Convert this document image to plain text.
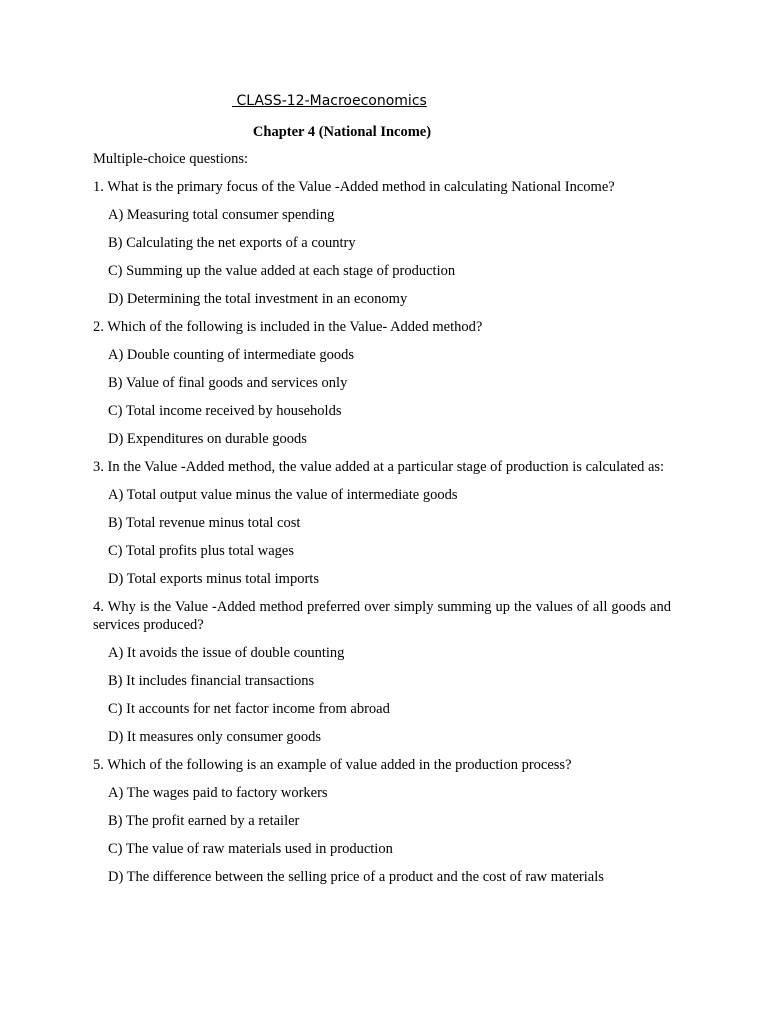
CLASS-12-Macroeconomics
Chapter 4 (National Income)
Multiple-choice questions:
1. What is the primary focus of the Value -Added method in calculating National Income?
A) Measuring total consumer spending
B) Calculating the net exports of a country
C) Summing up the value added at each stage of production
D) Determining the total investment in an economy
2. Which of the following is included in the Value- Added method?
A) Double counting of intermediate goods
B) Value of final goods and services only
C) Total income received by households
D) Expenditures on durable goods
3. In the Value -Added method, the value added at a particular stage of production is calculated as:
A) Total output value minus the value of intermediate goods
B) Total revenue minus total cost
C) Total profits plus total wages
D) Total exports minus total imports
4. Why is the Value -Added method preferred over simply summing up the values of all goods and services produced?
A) It avoids the issue of double counting
B) It includes financial transactions
C) It accounts for net factor income from abroad
D) It measures only consumer goods
5. Which of the following is an example of value added in the production process?
A) The wages paid to factory workers
B) The profit earned by a retailer
C) The value of raw materials used in production
D) The difference between the selling price of a product and the cost of raw materials
